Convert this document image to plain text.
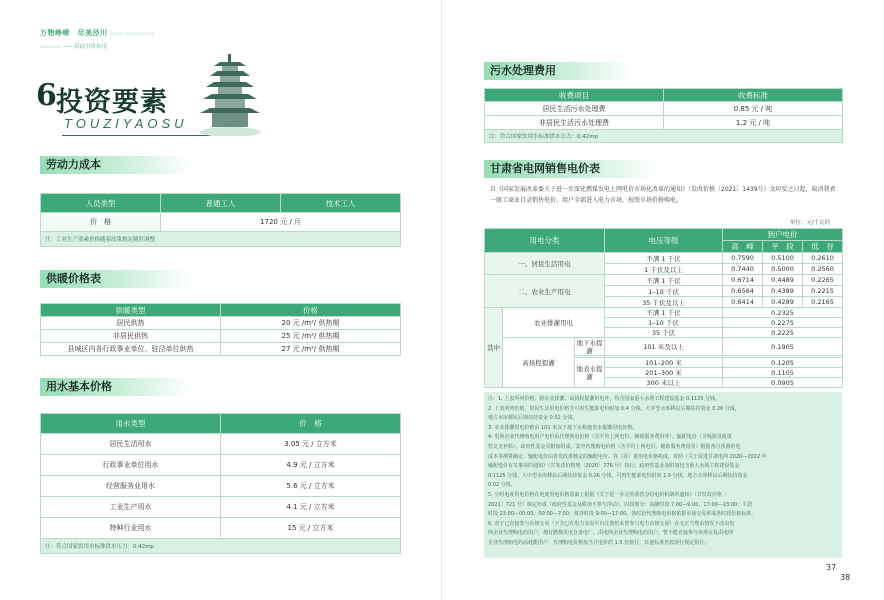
万物峥嵘　尽美泾川 WANWUZHENGRONG
JINGCHUAN ——招商引资指南
6 投资要素
TOUZIYAOSU
劳动力成本
人员类型	普通工人	技术工人
价　格	1720 元 / 月	
注：工业生产要素价格随着政策规定随时调整		
供暖价格表
供暖类型	价格
居民供热	20 元 /m²/ 供热期
非居民供热	25 元 /m²/ 供热期
县城区内各行政事业单位、驻泾单位供热	27 元 /m²/ 供热期
用水基本价格
用水类型	价　格
居民生活用水	3.05 元 / 立方米
行政事业单位用水	4.9 元 / 立方米
经营服务业用水	5.6 元 / 立方米
工业生产用水	4.1 元 / 立方米
特种行业用水	15 元 / 立方米
注：符合国家饮用水标准供水压力：0.42mp	
污水处理费用
收费项目	收费标准
居民生活污水处理费	0.85 元 / 吨
非居民生活污水处理费	1.2 元 / 吨
注：符合国家饮用水标准供水压力：0.42mp	
甘肃省电网销售电价表
自《国家发展改革委关于进一步深化燃煤发电上网电价市场化改革的通知》（发改价格〔2021〕1439号）文印发之日起，取消我省一般工商业目录销售电价，用户全部进入电力市场，按照市场价格购电。
单位：元/千瓦时
用电分类			电压等级	到户电价		
				高　峰	平　段	低　谷
一、居民生活用电			不满 1 千伏	0.7590	0.5100	0.2610
			1 千伏及以上	0.7440	0.5000	0.2560
二、农业生产用电			不满 1 千伏	0.6714	0.4489	0.2265
			1–10 千伏	0.6564	0.4389	0.2215
			35 千伏及以上	0.6414	0.4289	0.2165
其中	农业排灌用电		不满 1 千伏	0.2325		
			1–10 千伏	0.2275		
			35 千伏	0.2225		
	高扬程提灌	地下水提灌	101 米及以上	0.1905		

		地表水提灌	101–200 米	0.1205		
			201–300 米	0.1105		
			300 米以上	0.0905		
注：1. 上表所列价格，除农业排灌、高扬程提灌用电外，均含国家重大水利工程建设基金 0.1125 分钱。
2. 上表所列价格，居民生活用电价格含可再生能源电价附加 0.4 分钱，大中型水库移民后期扶持资金 0.26 分钱，
地方水库移民后期扶持资金 0.02 分钱。
3. 农业排灌用电价格由 101 米以下地下水和地表水提灌用电价格。
4. 电网企业代理购电用户电价由代理购电价格（含平均上网电价、辅助服务费用等）、输配电价（含线损及政策
性交叉补贴）、政府性基金及附加组成，其中代理购电价格（含平均上网电价、辅助服务费用等）根据各月预测的电
成本等测算确定；输配电价由省发改委核定的输配电价、容（需）量用电价格构成，按照《关于促进甘肃电网 2020—2022 年
输配电价有关事项的通知》（甘发改价格规〔2020〕776 号）执行；政府性基金及附加包含重大水利工程建设基金
0.1125 分钱，大中型水库移民后期扶持资金 0.26 分钱，可再生能源电价附加 1.9 分钱，地方水库移民后期扶持资金
0.02 分钱。
5. 分时电度用电价格在电度用电价格基础上根据《关于进一步完善我省分时电价机制的通知》（甘发改价格〔
2021〕721 号）规定形成（政府性基金及附加不参与浮动），时段划分：高峰时段 7:00—9:00、17:00—23:00；平段
时段 23:00—00:00、00:00—7:00；低谷时段 9:00—17:00。各时段代理购电价格依据市场交易形成各时段价格标准。
6. 对于已直接参与市场交易（不含已在电力交易平台注册但未曾参与电力市场交易）在无正当理由情况下改由电
网企业代理购电的用户，拥有燃煤发电自备电厂、由电网企业代理购电的用户，暂不能直接参与市场交易由电网
企业代理购电的高耗能用户，代理购电价格按当月电价的 1.5 倍执行，其他标准仍按现行规定执行。
37
38
